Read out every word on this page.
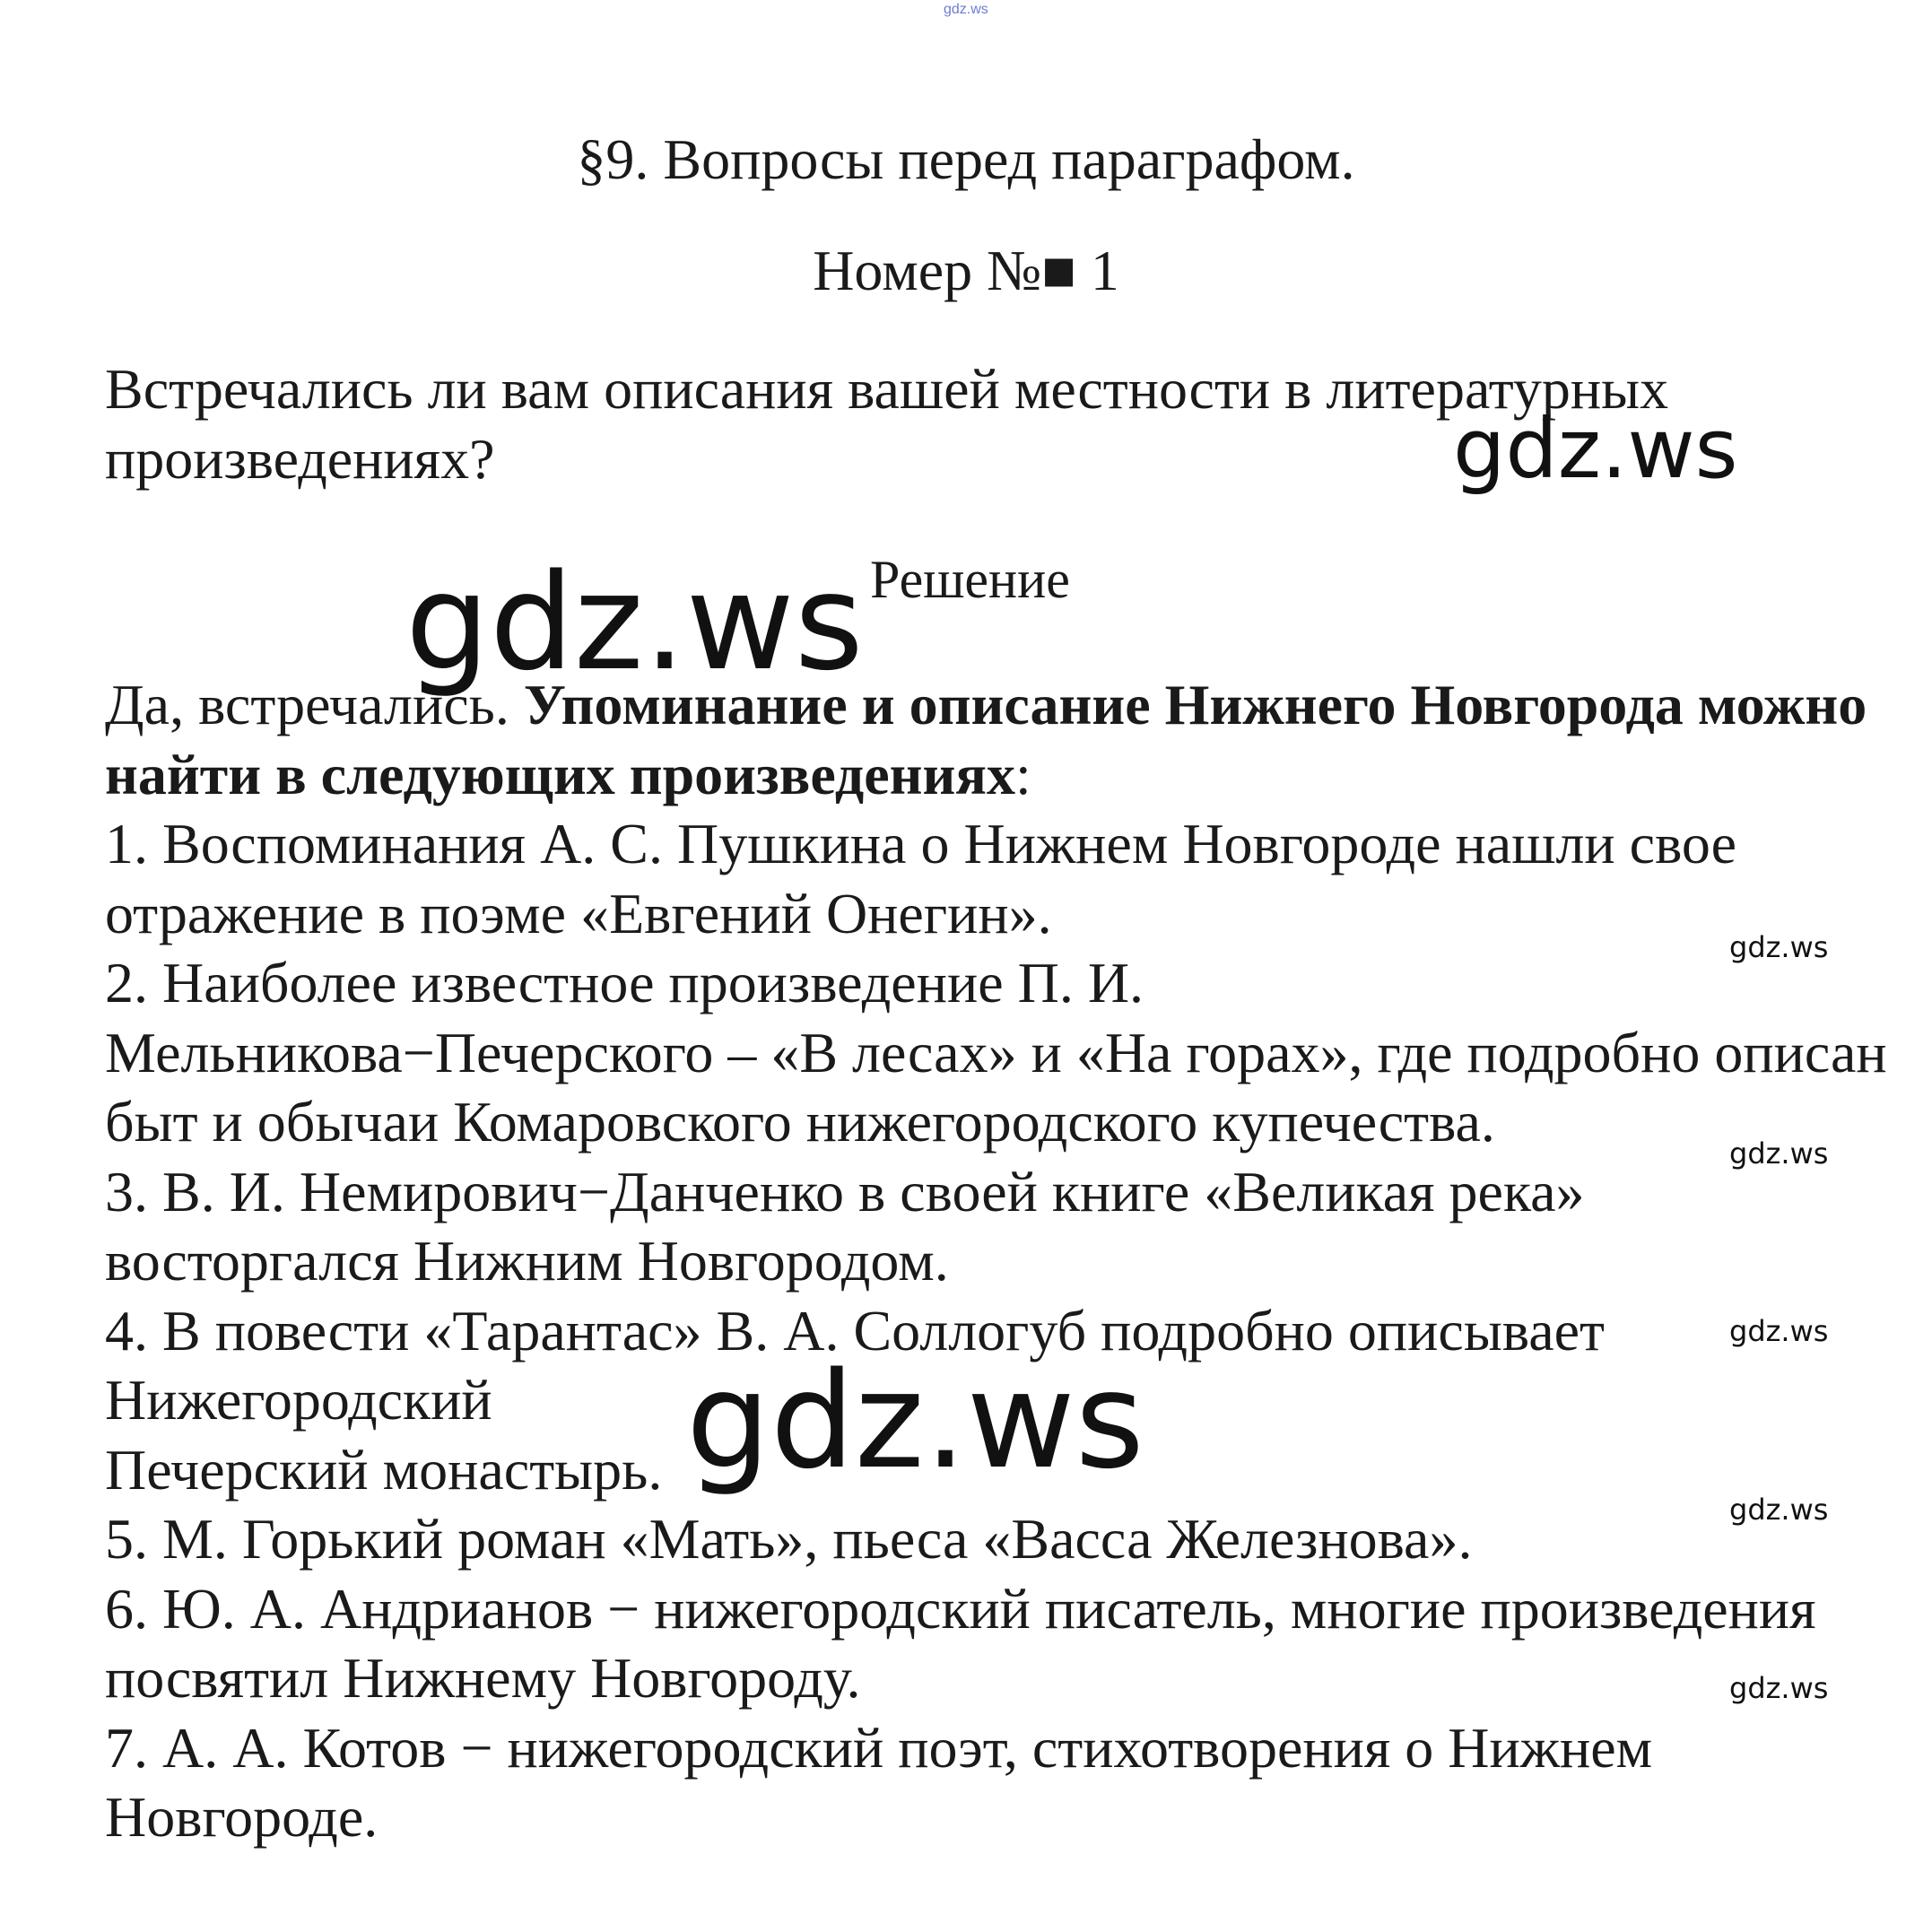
gdz.ws
§9. Вопросы перед параграфом.
Номер №■ 1
Встречались ли вам описания вашей местности в литературных произведениях?
Решение

Да, встречались. Упоминание и описание Нижнего Новгорода можно найти в следующих произведениях:

1. Воспоминания А. С. Пушкина о Нижнем Новгороде нашли свое отражение в поэме «Евгений Онегин».

2. Наиболее известное произведение П. И.

Мельникова−Печерского – «В лесах» и «На горах», где подробно описан быт и обычаи Комаровского нижегородского купечества.

3. В. И. Немирович−Данченко в своей книге «Великая река» восторгался Нижним Новгородом.

4. В повести «Тарантас» В. А. Соллогуб подробно описывает

Нижегородский

Печерский монастырь.

5. М. Горький роман «Мать», пьеса «Васса Железнова».

6. Ю. А. Андрианов − нижегородский писатель, многие произведения посвятил Нижнему Новгороду.

7. А. А. Котов − нижегородский поэт, стихотворения о Нижнем Новгороде.

gdz.ws
gdz.ws
gdz.ws
gdz.ws
gdz.ws
gdz.ws
gdz.ws
gdz.ws
